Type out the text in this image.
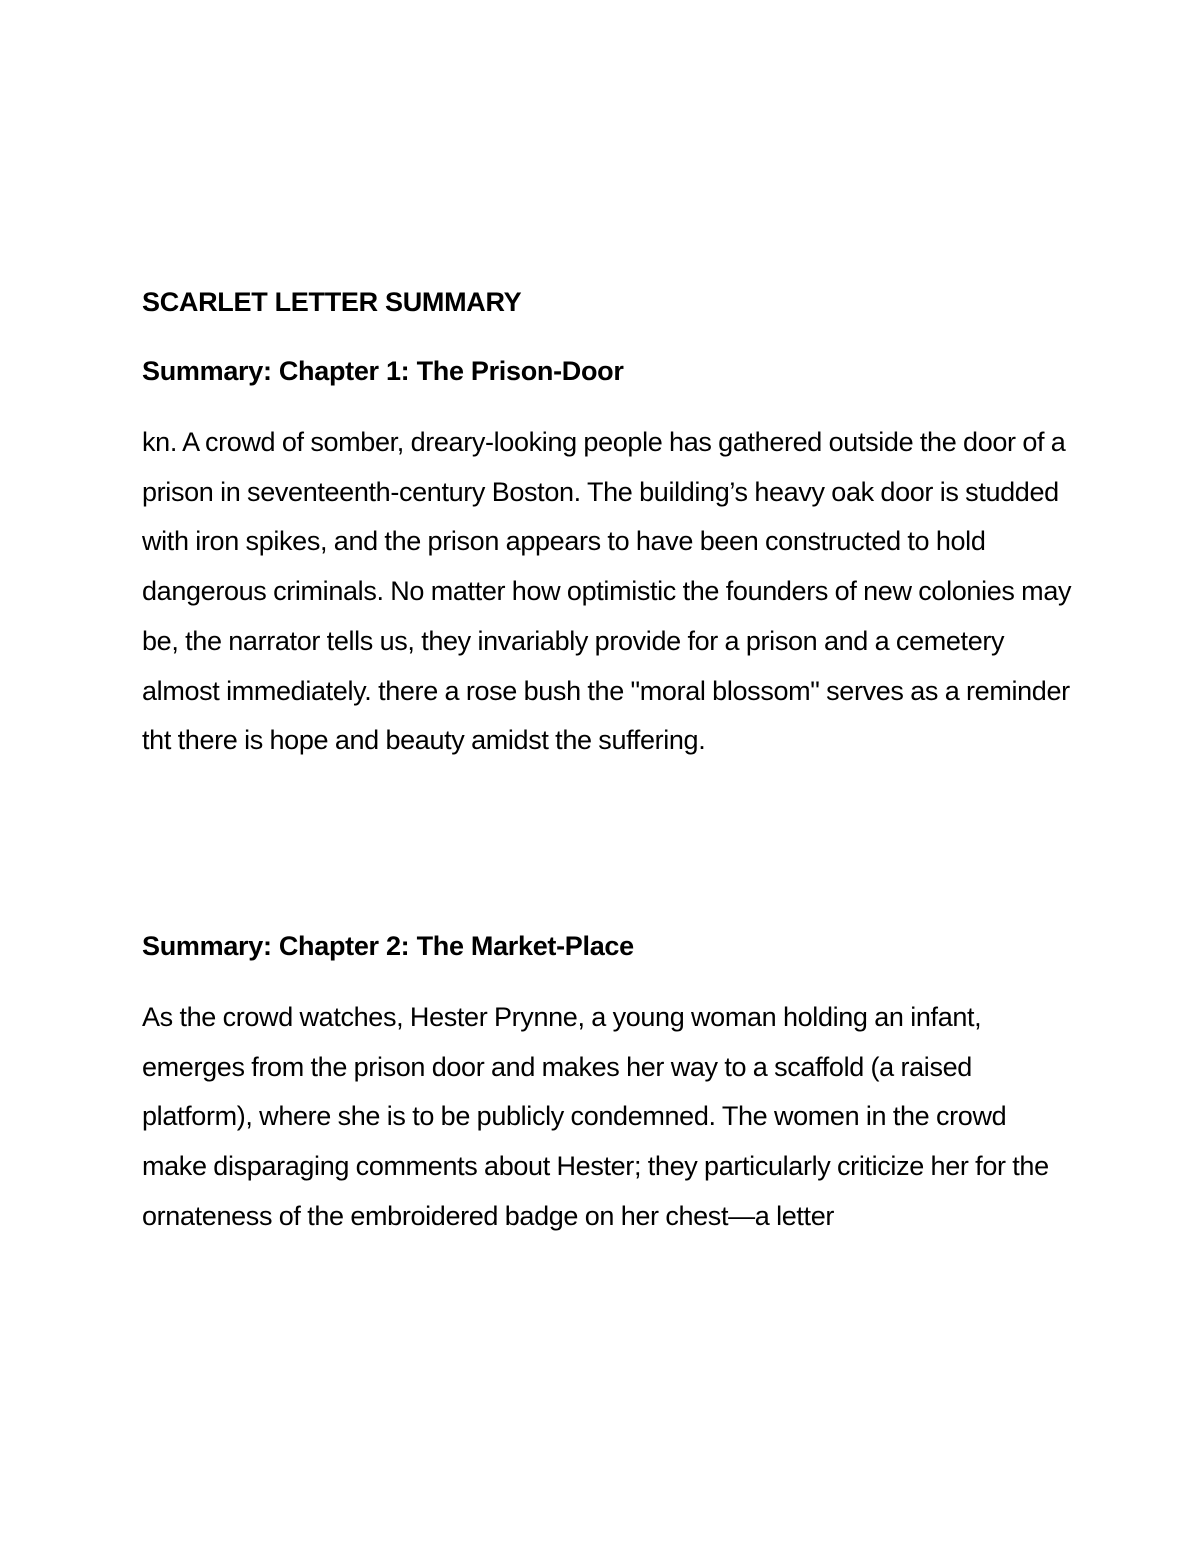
SCARLET LETTER SUMMARY
Summary: Chapter 1: The Prison-Door

kn. A crowd of somber, dreary-looking people has gathered outside the door of a prison in seventeenth-century Boston. The building’s heavy oak door is studded with iron spikes, and the prison appears to have been constructed to hold dangerous criminals. No matter how optimistic the founders of new colonies may be, the narrator tells us, they invariably provide for a prison and a cemetery almost immediately. there a rose bush the "moral blossom" serves as a reminder tht there is hope and beauty amidst the suffering.

Summary: Chapter 2: The Market-Place

As the crowd watches, Hester Prynne, a young woman holding an infant, emerges from the prison door and makes her way to a scaffold (a raised platform), where she is to be publicly condemned. The women in the crowd make disparaging comments about Hester; they particularly criticize her for the ornateness of the embroidered badge on her chest—a letter
